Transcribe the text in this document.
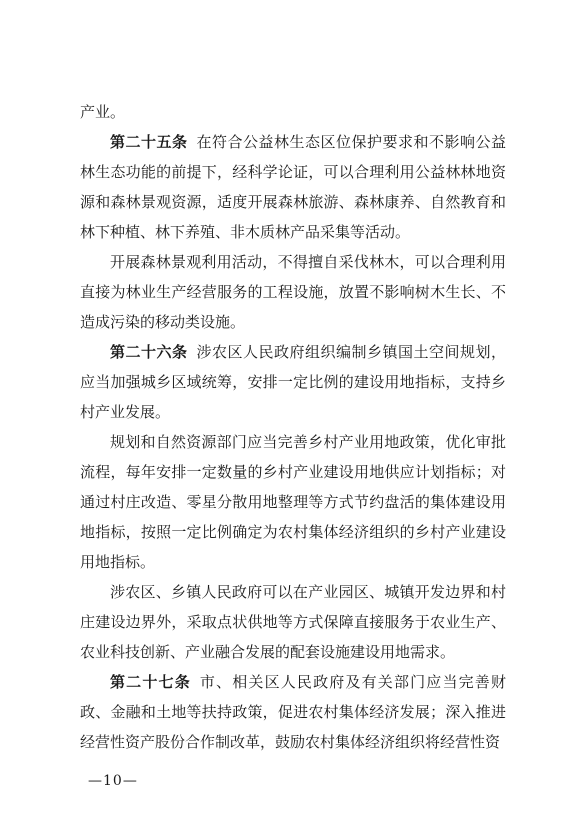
产业。

第二十五条 在符合公益林生态区位保护要求和不影响公益林生态功能的前提下，经科学论证，可以合理利用公益林林地资源和森林景观资源，适度开展森林旅游、森林康养、自然教育和林下种植、林下养殖、非木质林产品采集等活动。

开展森林景观利用活动，不得擅自采伐林木，可以合理利用直接为林业生产经营服务的工程设施，放置不影响树木生长、不造成污染的移动类设施。

第二十六条 涉农区人民政府组织编制乡镇国土空间规划，应当加强城乡区域统筹，安排一定比例的建设用地指标，支持乡村产业发展。

规划和自然资源部门应当完善乡村产业用地政策，优化审批流程，每年安排一定数量的乡村产业建设用地供应计划指标；对通过村庄改造、零星分散用地整理等方式节约盘活的集体建设用地指标，按照一定比例确定为农村集体经济组织的乡村产业建设用地指标。

涉农区、乡镇人民政府可以在产业园区、城镇开发边界和村庄建设边界外，采取点状供地等方式保障直接服务于农业生产、农业科技创新、产业融合发展的配套设施建设用地需求。

第二十七条 市、相关区人民政府及有关部门应当完善财政、金融和土地等扶持政策，促进农村集体经济发展；深入推进经营性资产股份合作制改革，鼓励农村集体经济组织将经营性资

—10—
